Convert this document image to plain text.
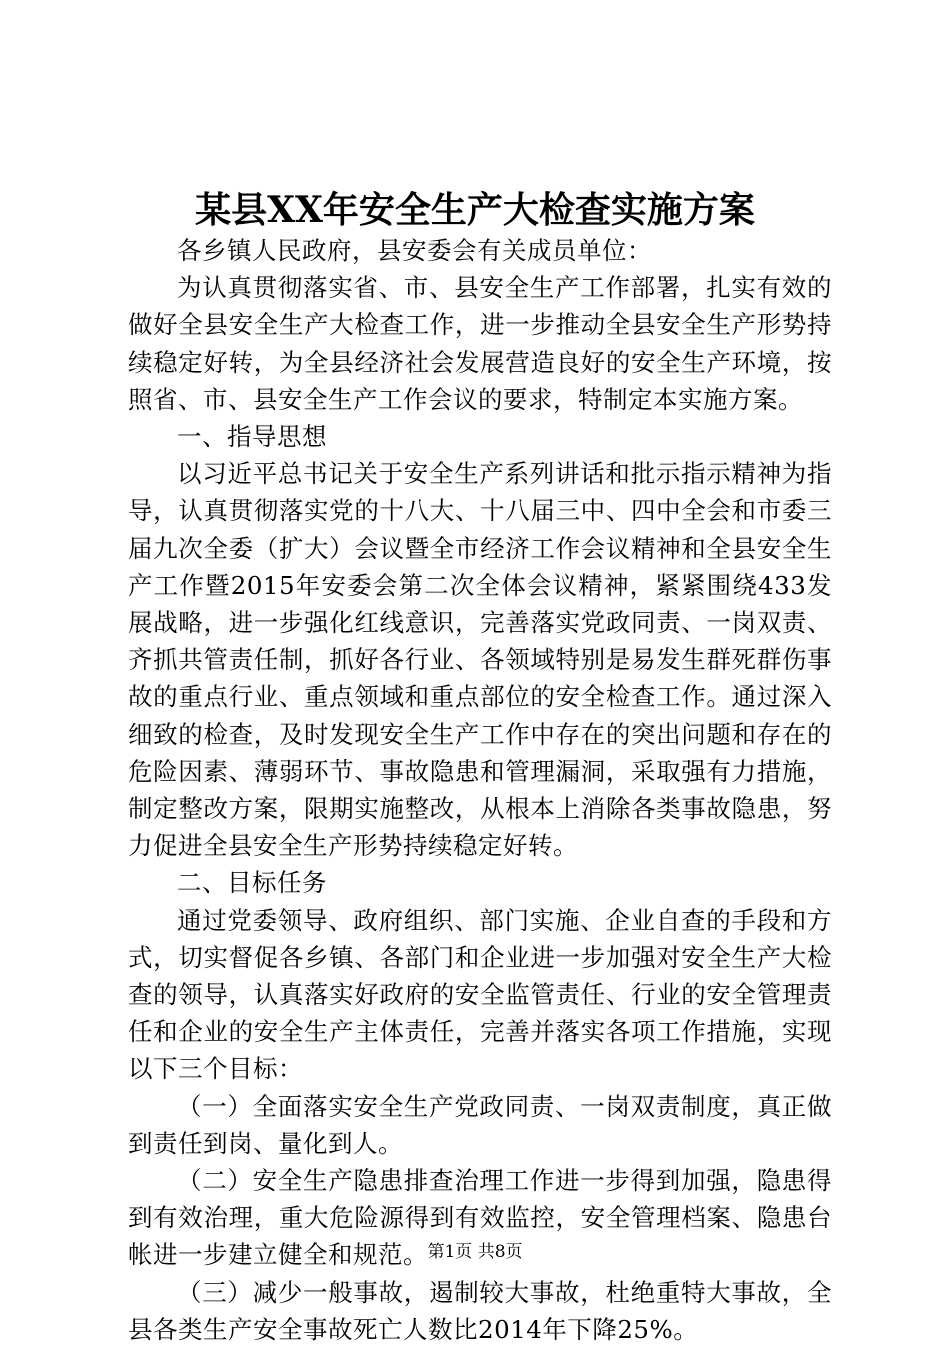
某县XX年安全生产大检查实施方案

各乡镇人民政府，县安委会有关成员单位：

为认真贯彻落实省、市、县安全生产工作部署，扎实有效的做好全县安全生产大检查工作，进一步推动全县安全生产形势持续稳定好转，为全县经济社会发展营造良好的安全生产环境，按照省、市、县安全生产工作会议的要求，特制定本实施方案。

一、指导思想

以习近平总书记关于安全生产系列讲话和批示指示精神为指导，认真贯彻落实党的十八大、十八届三中、四中全会和市委三届九次全委（扩大）会议暨全市经济工作会议精神和全县安全生产工作暨2015年安委会第二次全体会议精神，紧紧围绕433发展战略，进一步强化红线意识，完善落实党政同责、一岗双责、齐抓共管责任制，抓好各行业、各领域特别是易发生群死群伤事故的重点行业、重点领域和重点部位的安全检查工作。通过深入细致的检查，及时发现安全生产工作中存在的突出问题和存在的危险因素、薄弱环节、事故隐患和管理漏洞，采取强有力措施，制定整改方案，限期实施整改，从根本上消除各类事故隐患，努力促进全县安全生产形势持续稳定好转。

二、目标任务

通过党委领导、政府组织、部门实施、企业自查的手段和方式，切实督促各乡镇、各部门和企业进一步加强对安全生产大检查的领导，认真落实好政府的安全监管责任、行业的安全管理责任和企业的安全生产主体责任，完善并落实各项工作措施，实现以下三个目标：

（一）全面落实安全生产党政同责、一岗双责制度，真正做到责任到岗、量化到人。

（二）安全生产隐患排查治理工作进一步得到加强，隐患得到有效治理，重大危险源得到有效监控，安全管理档案、隐患台帐进一步建立健全和规范。

（三）减少一般事故，遏制较大事故，杜绝重特大事故，全县各类生产安全事故死亡人数比2014年下降25%。

第1页 共8页
